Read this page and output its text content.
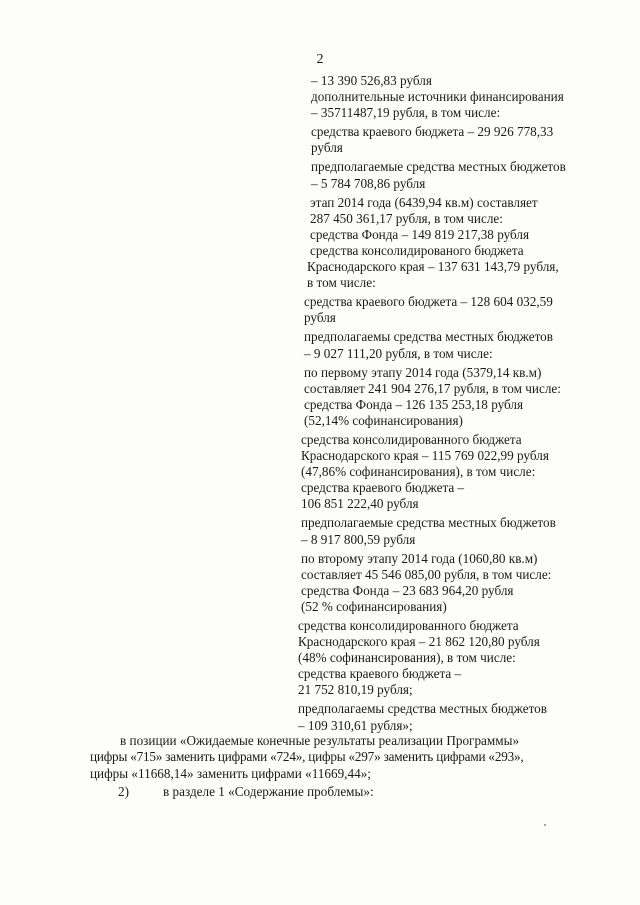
2
– 13 390 526,83 рубля
дополнительные источники финансирования
– 35711487,19 рубля, в том числе:
средства краевого бюджета – 29 926 778,33
рубля
предполагаемые средства местных бюджетов
– 5 784 708,86 рубля
этап 2014 года (6439,94 кв.м) составляет
287 450 361,17 рубля, в том числе:
средства Фонда – 149 819 217,38 рубля
средства консолидированого бюджета
Краснодарского края – 137 631 143,79 рубля,
в том числе:
средства краевого бюджета – 128 604 032,59
рубля
предполагаемы средства местных бюджетов
– 9 027 111,20 рубля, в том числе:
по первому этапу 2014 года (5379,14 кв.м)
составляет 241 904 276,17 рубля, в том числе:
средства Фонда – 126 135 253,18 рубля
(52,14% софинансирования)
средства консолидированного бюджета
Краснодарского края – 115 769 022,99 рубля
(47,86% софинансирования), в том числе:
средства краевого бюджета –
106 851 222,40 рубля
предполагаемые средства местных бюджетов
– 8 917 800,59 рубля
по второму этапу 2014 года (1060,80 кв.м)
составляет 45 546 085,00 рубля, в том числе:
средства Фонда – 23 683 964,20 рубля
(52 % софинансирования)
средства консолидированного бюджета
Краснодарского края – 21 862 120,80 рубля
(48% софинансирования), в том числе:
средства краевого бюджета –
21 752 810,19 рубля;
предполагаемы средства местных бюджетов
– 109 310,61 рубля»;
в позиции «Ожидаемые конечные результаты реализации Программы»
цифры «715» заменить цифрами «724», цифры «297» заменить цифрами «293»,
цифры «11668,14» заменить цифрами «11669,44»;
2)	в разделе 1 «Содержание проблемы»:
